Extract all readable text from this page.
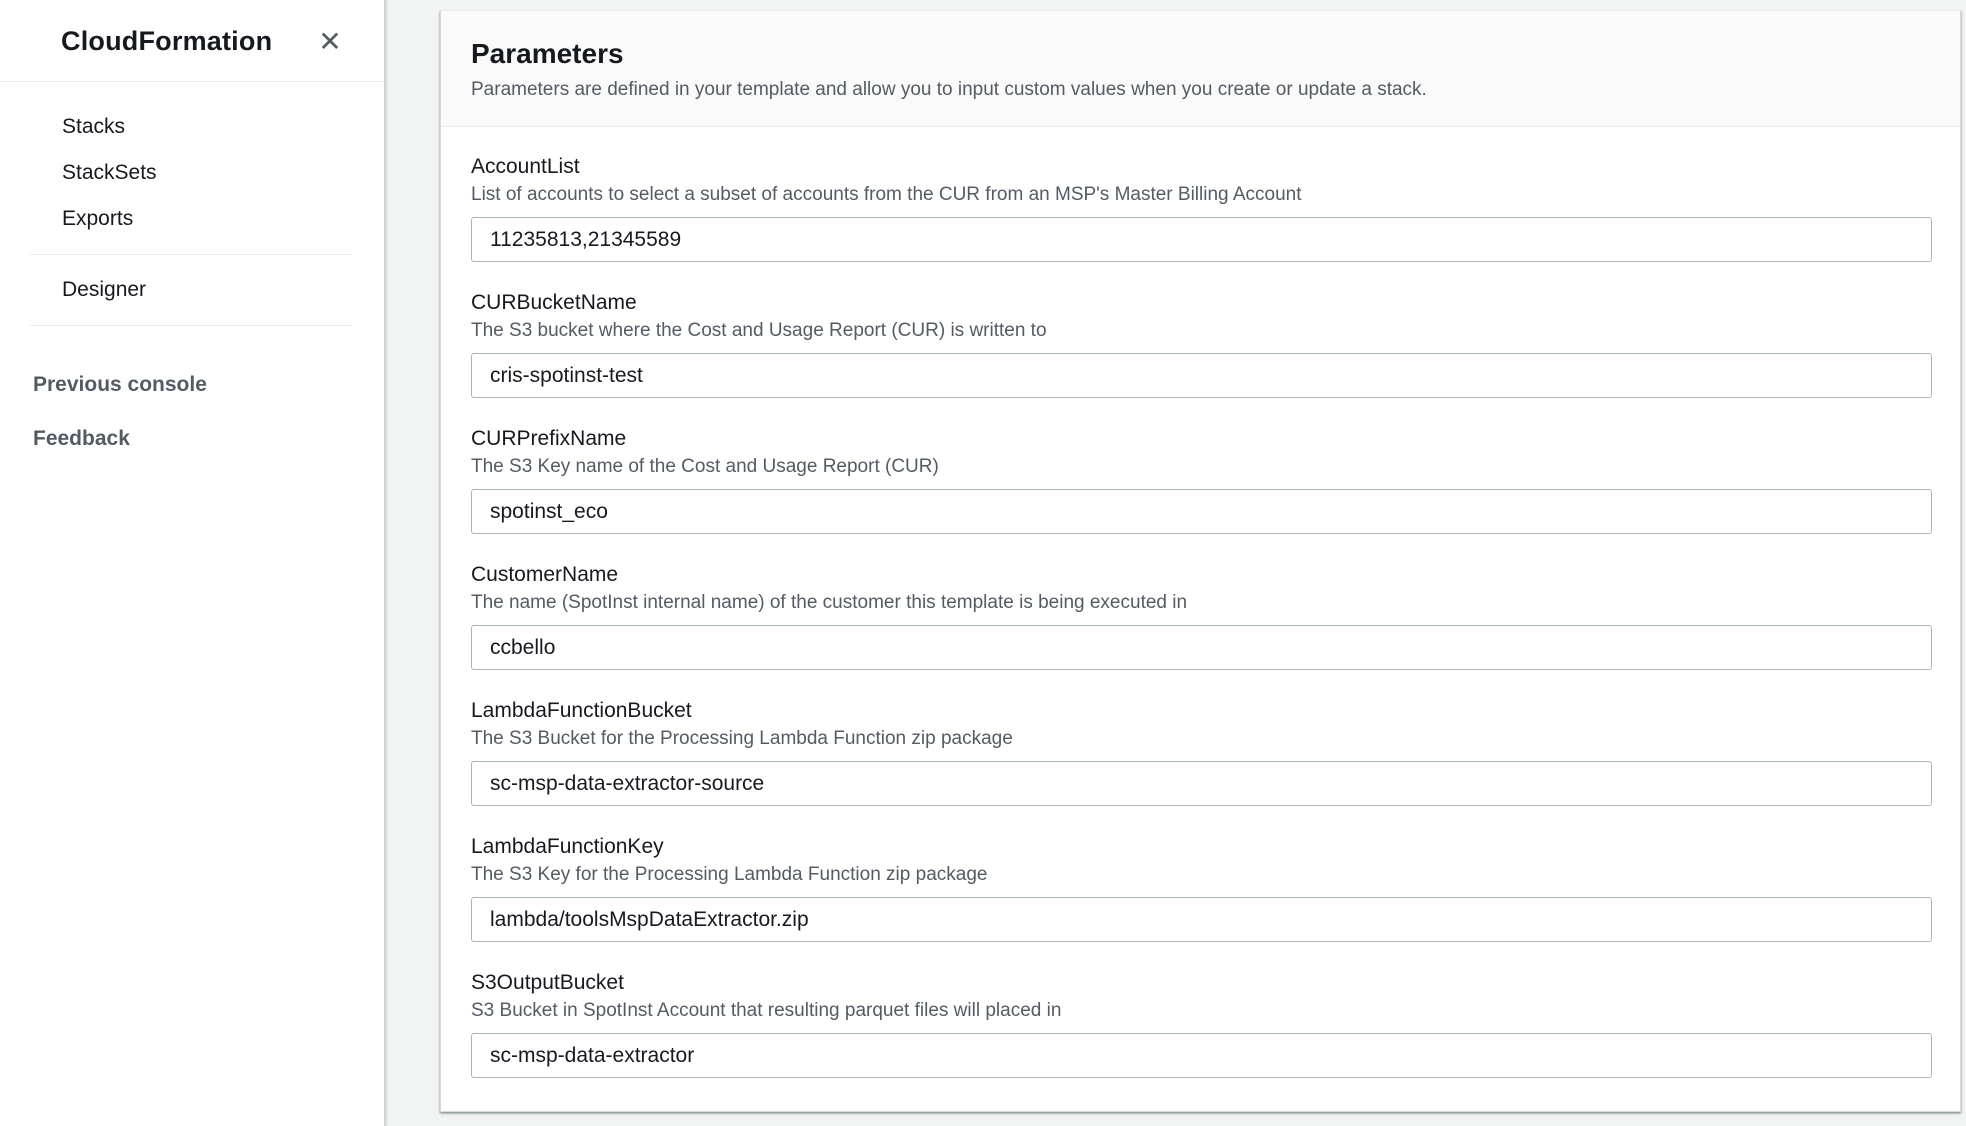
CloudFormation ✕
Stacks
StackSets
Exports
Designer
Previous console
Feedback
Parameters
Parameters are defined in your template and allow you to input custom values when you create or update a stack.
AccountList
List of accounts to select a subset of accounts from the CUR from an MSP's Master Billing Account
11235813,21345589
CURBucketName
The S3 bucket where the Cost and Usage Report (CUR) is written to
cris-spotinst-test
CURPrefixName
The S3 Key name of the Cost and Usage Report (CUR)
spotinst_eco
CustomerName
The name (SpotInst internal name) of the customer this template is being executed in
ccbello
LambdaFunctionBucket
The S3 Bucket for the Processing Lambda Function zip package
sc-msp-data-extractor-source
LambdaFunctionKey
The S3 Key for the Processing Lambda Function zip package
lambda/toolsMspDataExtractor.zip
S3OutputBucket
S3 Bucket in SpotInst Account that resulting parquet files will placed in
sc-msp-data-extractor
